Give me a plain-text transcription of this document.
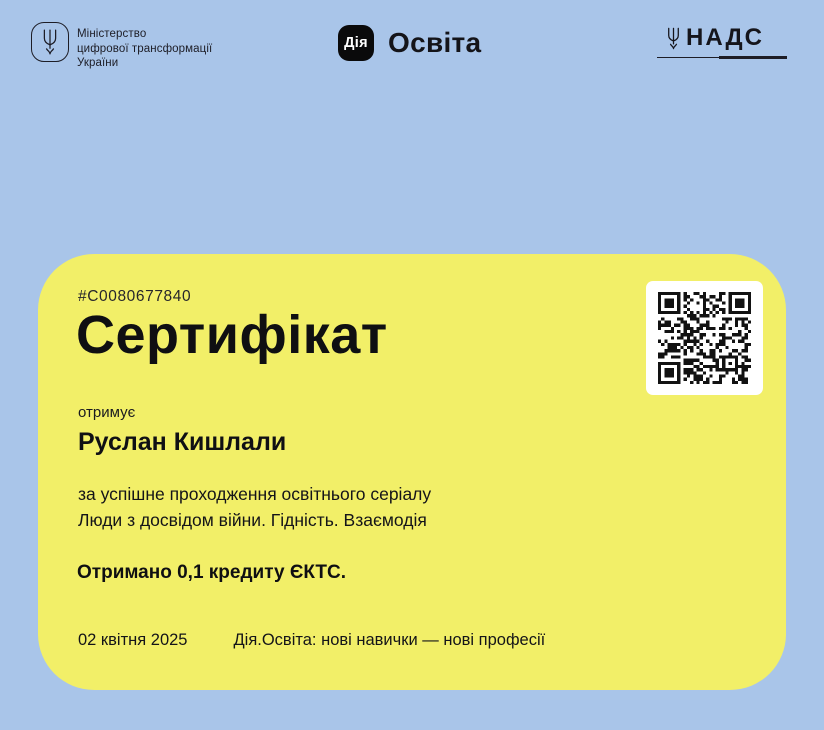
Міністерство
цифрової трансформації
України
Дія Освіта	НАДС
#C0080677840
Сертифікат
отримує
Руслан Кишлали
за успішне проходження освітнього серіалу
Люди з досвідом війни. Гідність. Взаємодія
Отримано 0,1 кредиту ЄКТС.
02 квітня 2025	Дія.Освіта: нові навички — нові професії
